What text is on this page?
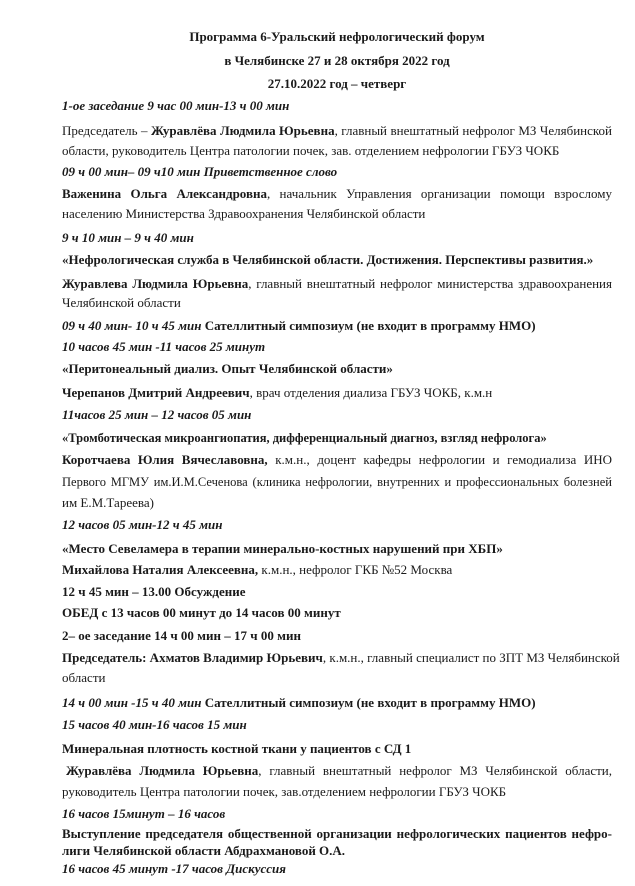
Программа 6-Уральский нефрологический форум
в Челябинске 27 и 28 октября 2022 год
27.10.2022 год – четверг
1-ое заседание 9 час 00 мин-13 ч 00 мин
Председатель – Журавлёва Людмила Юрьевна, главный внештатный нефролог МЗ Челябинской
области, руководитель Центра патологии почек, зав. отделением нефрологии ГБУЗ ЧОКБ
09 ч 00 мин– 09 ч10 мин Приветственное слово
Важенина Ольга Александровна, начальник Управления организации помощи взрослому
населению Министерства Здравоохранения Челябинской области
9 ч 10 мин – 9 ч 40 мин
«Нефрологическая служба в Челябинской области. Достижения. Перспективы развития.»
Журавлева Людмила Юрьевна, главный внештатный нефролог министерства здравоохранения
Челябинской области
09 ч 40 мин- 10 ч 45 мин Сателлитный симпозиум (не входит в программу НМО)
10 часов 45 мин -11 часов 25 минут
«Перитонеальный диализ. Опыт Челябинской области»
Черепанов Дмитрий Андреевич, врач отделения диализа ГБУЗ ЧОКБ, к.м.н
11часов 25 мин – 12 часов 05 мин
«Тромботическая микроангиопатия, дифференциальный диагноз, взгляд нефролога»
Коротчаева Юлия Вячеславовна, к.м.н., доцент кафедры нефрологии и гемодиализа ИНО
Первого МГМУ им.И.М.Сеченова (клиника нефрологии, внутренних и профессиональных болезней
им Е.М.Тареева)
12 часов 05 мин-12 ч 45 мин
«Место Севеламера в терапии минерально-костных нарушений при ХБП»
Михайлова Наталия Алексеевна, к.м.н., нефролог ГКБ №52 Москва
12 ч 45 мин – 13.00 Обсуждение
ОБЕД с 13 часов 00 минут до 14 часов 00 минут
2– ое заседание 14 ч 00 мин – 17 ч 00 мин
Председатель: Ахматов Владимир Юрьевич, к.м.н., главный специалист по ЗПТ МЗ Челябинской
области
14 ч 00 мин -15 ч 40 мин Сателлитный симпозиум (не входит в программу НМО)
15 часов 40 мин-16 часов 15 мин
Минеральная плотность костной ткани у пациентов с СД 1
Журавлёва Людмила Юрьевна, главный внештатный нефролог МЗ Челябинской области,
руководитель Центра патологии почек, зав.отделением нефрологии ГБУЗ ЧОКБ
16 часов 15минут – 16 часов
Выступление председателя общественной организации нефрологических пациентов нефро-
лиги Челябинской области Абдрахмановой О.А.
16 часов 45 минут -17 часов Дискуссия
